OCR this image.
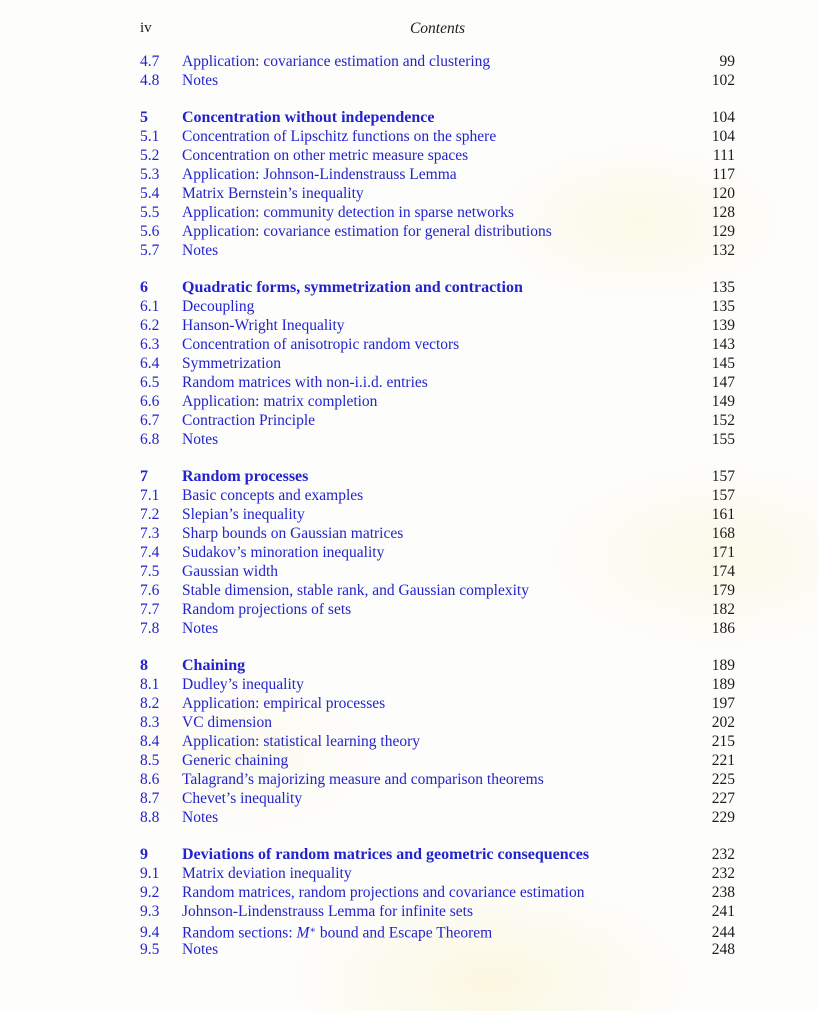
iv	Contents
4.7	Application: covariance estimation and clustering	99
4.8	Notes	102
5	Concentration without independence	104
5.1	Concentration of Lipschitz functions on the sphere	104
5.2	Concentration on other metric measure spaces	111
5.3	Application: Johnson-Lindenstrauss Lemma	117
5.4	Matrix Bernstein’s inequality	120
5.5	Application: community detection in sparse networks	128
5.6	Application: covariance estimation for general distributions	129
5.7	Notes	132
6	Quadratic forms, symmetrization and contraction	135
6.1	Decoupling	135
6.2	Hanson-Wright Inequality	139
6.3	Concentration of anisotropic random vectors	143
6.4	Symmetrization	145
6.5	Random matrices with non-i.i.d. entries	147
6.6	Application: matrix completion	149
6.7	Contraction Principle	152
6.8	Notes	155
7	Random processes	157
7.1	Basic concepts and examples	157
7.2	Slepian’s inequality	161
7.3	Sharp bounds on Gaussian matrices	168
7.4	Sudakov’s minoration inequality	171
7.5	Gaussian width	174
7.6	Stable dimension, stable rank, and Gaussian complexity	179
7.7	Random projections of sets	182
7.8	Notes	186
8	Chaining	189
8.1	Dudley’s inequality	189
8.2	Application: empirical processes	197
8.3	VC dimension	202
8.4	Application: statistical learning theory	215
8.5	Generic chaining	221
8.6	Talagrand’s majorizing measure and comparison theorems	225
8.7	Chevet’s inequality	227
8.8	Notes	229
9	Deviations of random matrices and geometric consequences	232
9.1	Matrix deviation inequality	232
9.2	Random matrices, random projections and covariance estimation	238
9.3	Johnson-Lindenstrauss Lemma for infinite sets	241
9.4	Random sections: M∗ bound and Escape Theorem	244
9.5	Notes	248
